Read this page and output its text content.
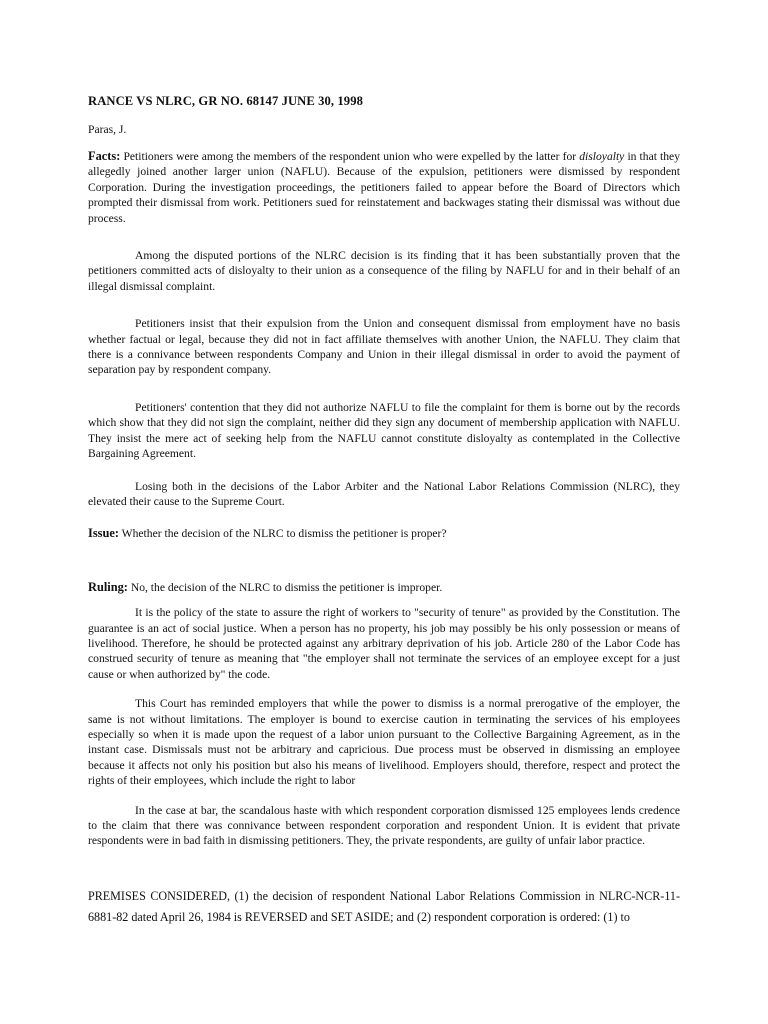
RANCE VS NLRC, GR NO. 68147 JUNE 30, 1998
Paras, J.

Facts: Petitioners were among the members of the respondent union who were expelled by the latter for disloyalty in that they allegedly joined another larger union (NAFLU). Because of the expulsion, petitioners were dismissed by respondent Corporation. During the investigation proceedings, the petitioners failed to appear before the Board of Directors which prompted their dismissal from work. Petitioners sued for reinstatement and backwages stating their dismissal was without due process.

Among the disputed portions of the NLRC decision is its finding that it has been substantially proven that the petitioners committed acts of disloyalty to their union as a consequence of the filing by NAFLU for and in their behalf of an illegal dismissal complaint.

Petitioners insist that their expulsion from the Union and consequent dismissal from employment have no basis whether factual or legal, because they did not in fact affiliate themselves with another Union, the NAFLU. They claim that there is a connivance between respondents Company and Union in their illegal dismissal in order to avoid the payment of separation pay by respondent company.

Petitioners' contention that they did not authorize NAFLU to file the complaint for them is borne out by the records which show that they did not sign the complaint, neither did they sign any document of membership application with NAFLU. They insist the mere act of seeking help from the NAFLU cannot constitute disloyalty as contemplated in the Collective Bargaining Agreement.

Losing both in the decisions of the Labor Arbiter and the National Labor Relations Commission (NLRC), they elevated their cause to the Supreme Court.

Issue: Whether the decision of the NLRC to dismiss the petitioner is proper?

Ruling: No, the decision of the NLRC to dismiss the petitioner is improper.

It is the policy of the state to assure the right of workers to "security of tenure" as provided by the Constitution. The guarantee is an act of social justice. When a person has no property, his job may possibly be his only possession or means of livelihood. Therefore, he should be protected against any arbitrary deprivation of his job. Article 280 of the Labor Code has construed security of tenure as meaning that "the employer shall not terminate the services of an employee except for a just cause or when authorized by" the code.

This Court has reminded employers that while the power to dismiss is a normal prerogative of the employer, the same is not without limitations. The employer is bound to exercise caution in terminating the services of his employees especially so when it is made upon the request of a labor union pursuant to the Collective Bargaining Agreement, as in the instant case. Dismissals must not be arbitrary and capricious. Due process must be observed in dismissing an employee because it affects not only his position but also his means of livelihood. Employers should, therefore, respect and protect the rights of their employees, which include the right to labor

In the case at bar, the scandalous haste with which respondent corporation dismissed 125 employees lends credence to the claim that there was connivance between respondent corporation and respondent Union. It is evident that private respondents were in bad faith in dismissing petitioners. They, the private respondents, are guilty of unfair labor practice.

PREMISES CONSIDERED, (1) the decision of respondent National Labor Relations Commission in NLRC-NCR-11-6881-82 dated April 26, 1984 is REVERSED and SET ASIDE; and (2) respondent corporation is ordered: (1) to
